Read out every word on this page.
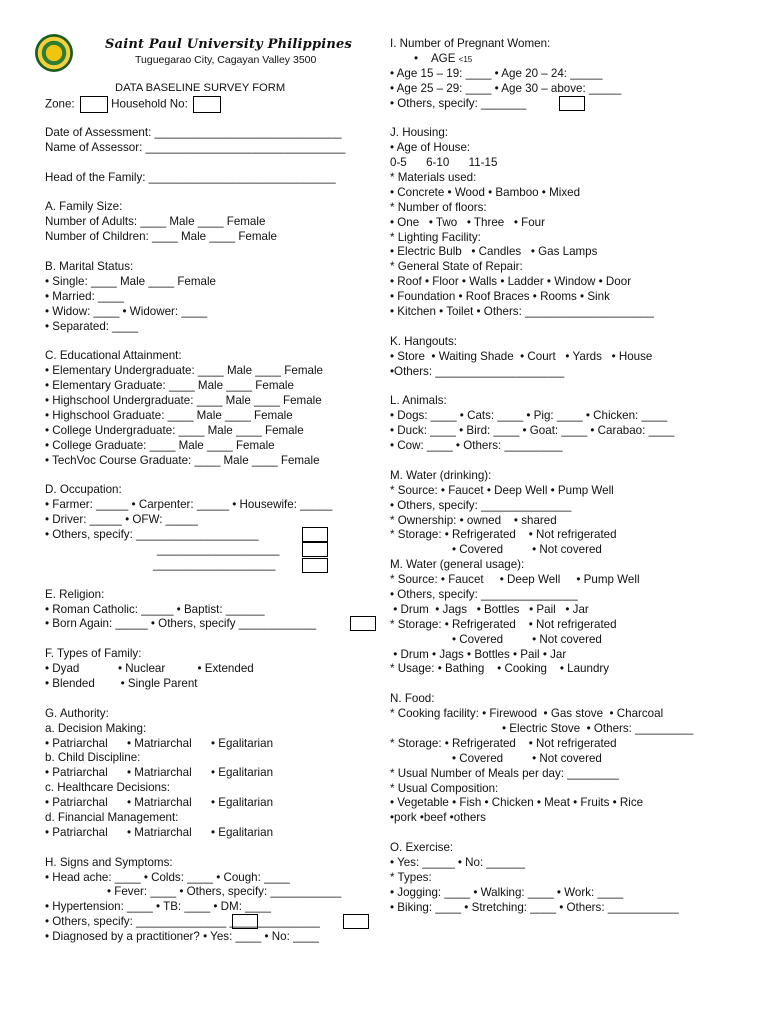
Saint Paul University Philippines
Tuguegarao City, Cagayan Valley 3500
DATA BASELINE SURVEY FORM
Zone:	Household No:
Date of Assessment: _____________________________
Name of Assessor: _______________________________
Head of the Family: _____________________________
A. Family Size:
Number of Adults: ____ Male ____ Female
Number of Children: ____ Male ____ Female
B. Marital Status:
• Single: ____ Male ____ Female
• Married: ____
• Widow: ____ • Widower: ____
• Separated: ____
C. Educational Attainment:
• Elementary Undergraduate: ____ Male ____ Female
• Elementary Graduate: ____ Male ____ Female
• Highschool Undergraduate: ____ Male ____ Female
• Highschool Graduate: ____ Male ____ Female
• College Undergraduate: ____ Male ____ Female
• College Graduate: ____ Male ____ Female
• TechVoc Course Graduate: ____ Male ____ Female
D. Occupation:
• Farmer: _____ • Carpenter: _____ • Housewife: _____
• Driver: _____ • OFW: _____
• Others, specify: ___________________
___________________
___________________
E. Religion:
• Roman Catholic: _____ • Baptist: ______
• Born Again: _____ • Others, specify ____________
F. Types of Family:
• Dyad            • Nuclear          • Extended
• Blended        • Single Parent
G. Authority:
a. Decision Making:
• Patriarchal      • Matriarchal      • Egalitarian
b. Child Discipline:
• Patriarchal      • Matriarchal      • Egalitarian
c. Healthcare Decisions:
• Patriarchal      • Matriarchal      • Egalitarian
d. Financial Management:
• Patriarchal      • Matriarchal      • Egalitarian
H. Signs and Symptoms:
• Head ache: ____ • Colds: ____ • Cough: ____
• Fever: ____ • Others, specify: ___________
• Hypertension: ____ • TB: ____ • DM: ____
• Others, specify: ______________ ______________
• Diagnosed by a practitioner? • Yes: ____ • No: ____
I. Number of Pregnant Women:
•    AGE <15
• Age 15 – 19: ____ • Age 20 – 24: _____
• Age 25 – 29: ____ • Age 30 – above: _____
• Others, specify: _______
J. Housing:
• Age of House:
0-5      6-10      11-15
* Materials used:
• Concrete • Wood • Bamboo • Mixed
* Number of floors:
• One   • Two   • Three   • Four
* Lighting Facility:
• Electric Bulb   • Candles   • Gas Lamps
* General State of Repair:
• Roof • Floor • Walls • Ladder • Window • Door
• Foundation • Roof Braces • Rooms • Sink
• Kitchen • Toilet • Others: ____________________
K. Hangouts:
• Store  • Waiting Shade  • Court   • Yards   • House
•Others: ____________________
L. Animals:
• Dogs: ____ • Cats: ____ • Pig: ____ • Chicken: ____
• Duck: ____ • Bird: ____ • Goat: ____ • Carabao: ____
• Cow: ____ • Others: _________
M. Water (drinking):
* Source: • Faucet • Deep Well • Pump Well
• Others, specify: ______________
* Ownership: • owned    • shared
* Storage: • Refrigerated    • Not refrigerated
• Covered         • Not covered
M. Water (general usage):
* Source: • Faucet     • Deep Well     • Pump Well
• Others, specify: _______________
• Drum  • Jags   • Bottles   • Pail   • Jar
* Storage: • Refrigerated    • Not refrigerated
• Covered         • Not covered
• Drum • Jags • Bottles • Pail • Jar
* Usage: • Bathing    • Cooking    • Laundry
N. Food:
* Cooking facility: • Firewood  • Gas stove  • Charcoal
• Electric Stove  • Others: _________
* Storage: • Refrigerated    • Not refrigerated
• Covered         • Not covered
* Usual Number of Meals per day: ________
* Usual Composition:
• Vegetable • Fish • Chicken • Meat • Fruits • Rice
•pork •beef •others
O. Exercise:
• Yes: _____ • No: ______
* Types:
• Jogging: ____ • Walking: ____ • Work: ____
• Biking: ____ • Stretching: ____ • Others: ___________
